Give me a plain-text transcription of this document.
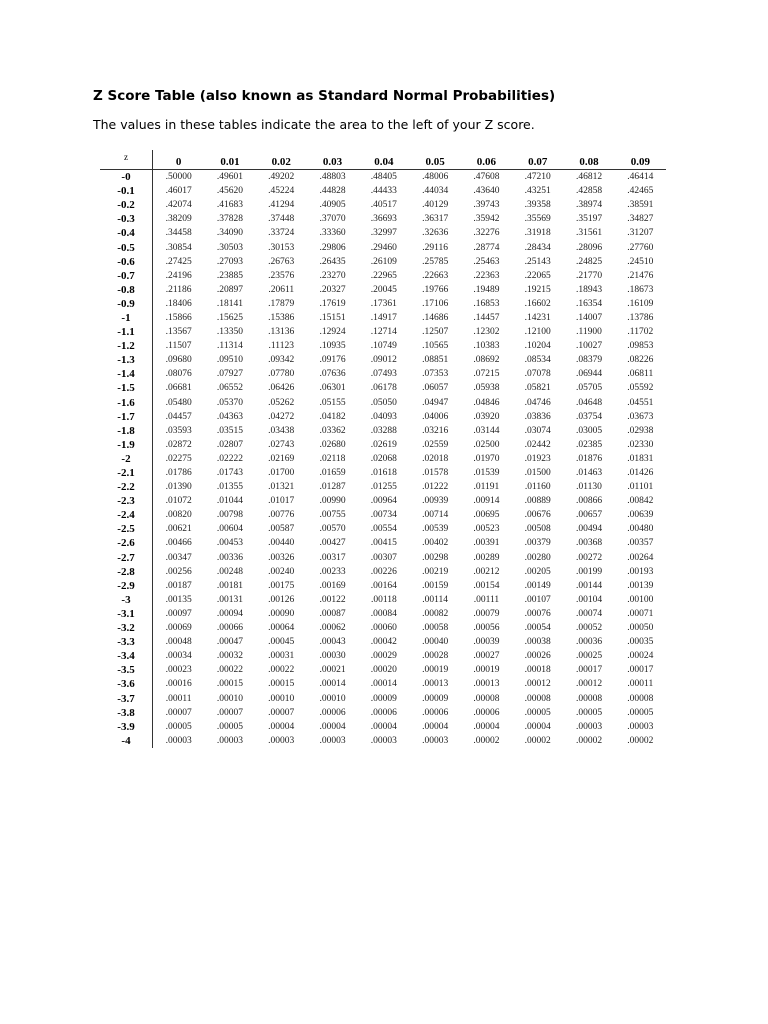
Z Score Table (also known as Standard Normal Probabilities)
The values in these tables indicate the area to the left of your Z score.
z	0	0.01	0.02	0.03	0.04	0.05	0.06	0.07	0.08	0.09
-0	.50000	.49601	.49202	.48803	.48405	.48006	.47608	.47210	.46812	.46414
-0.1	.46017	.45620	.45224	.44828	.44433	.44034	.43640	.43251	.42858	.42465
-0.2	.42074	.41683	.41294	.40905	.40517	.40129	.39743	.39358	.38974	.38591
-0.3	.38209	.37828	.37448	.37070	.36693	.36317	.35942	.35569	.35197	.34827
-0.4	.34458	.34090	.33724	.33360	.32997	.32636	.32276	.31918	.31561	.31207
-0.5	.30854	.30503	.30153	.29806	.29460	.29116	.28774	.28434	.28096	.27760
-0.6	.27425	.27093	.26763	.26435	.26109	.25785	.25463	.25143	.24825	.24510
-0.7	.24196	.23885	.23576	.23270	.22965	.22663	.22363	.22065	.21770	.21476
-0.8	.21186	.20897	.20611	.20327	.20045	.19766	.19489	.19215	.18943	.18673
-0.9	.18406	.18141	.17879	.17619	.17361	.17106	.16853	.16602	.16354	.16109
-1	.15866	.15625	.15386	.15151	.14917	.14686	.14457	.14231	.14007	.13786
-1.1	.13567	.13350	.13136	.12924	.12714	.12507	.12302	.12100	.11900	.11702
-1.2	.11507	.11314	.11123	.10935	.10749	.10565	.10383	.10204	.10027	.09853
-1.3	.09680	.09510	.09342	.09176	.09012	.08851	.08692	.08534	.08379	.08226
-1.4	.08076	.07927	.07780	.07636	.07493	.07353	.07215	.07078	.06944	.06811
-1.5	.06681	.06552	.06426	.06301	.06178	.06057	.05938	.05821	.05705	.05592
-1.6	.05480	.05370	.05262	.05155	.05050	.04947	.04846	.04746	.04648	.04551
-1.7	.04457	.04363	.04272	.04182	.04093	.04006	.03920	.03836	.03754	.03673
-1.8	.03593	.03515	.03438	.03362	.03288	.03216	.03144	.03074	.03005	.02938
-1.9	.02872	.02807	.02743	.02680	.02619	.02559	.02500	.02442	.02385	.02330
-2	.02275	.02222	.02169	.02118	.02068	.02018	.01970	.01923	.01876	.01831
-2.1	.01786	.01743	.01700	.01659	.01618	.01578	.01539	.01500	.01463	.01426
-2.2	.01390	.01355	.01321	.01287	.01255	.01222	.01191	.01160	.01130	.01101
-2.3	.01072	.01044	.01017	.00990	.00964	.00939	.00914	.00889	.00866	.00842
-2.4	.00820	.00798	.00776	.00755	.00734	.00714	.00695	.00676	.00657	.00639
-2.5	.00621	.00604	.00587	.00570	.00554	.00539	.00523	.00508	.00494	.00480
-2.6	.00466	.00453	.00440	.00427	.00415	.00402	.00391	.00379	.00368	.00357
-2.7	.00347	.00336	.00326	.00317	.00307	.00298	.00289	.00280	.00272	.00264
-2.8	.00256	.00248	.00240	.00233	.00226	.00219	.00212	.00205	.00199	.00193
-2.9	.00187	.00181	.00175	.00169	.00164	.00159	.00154	.00149	.00144	.00139
-3	.00135	.00131	.00126	.00122	.00118	.00114	.00111	.00107	.00104	.00100
-3.1	.00097	.00094	.00090	.00087	.00084	.00082	.00079	.00076	.00074	.00071
-3.2	.00069	.00066	.00064	.00062	.00060	.00058	.00056	.00054	.00052	.00050
-3.3	.00048	.00047	.00045	.00043	.00042	.00040	.00039	.00038	.00036	.00035
-3.4	.00034	.00032	.00031	.00030	.00029	.00028	.00027	.00026	.00025	.00024
-3.5	.00023	.00022	.00022	.00021	.00020	.00019	.00019	.00018	.00017	.00017
-3.6	.00016	.00015	.00015	.00014	.00014	.00013	.00013	.00012	.00012	.00011
-3.7	.00011	.00010	.00010	.00010	.00009	.00009	.00008	.00008	.00008	.00008
-3.8	.00007	.00007	.00007	.00006	.00006	.00006	.00006	.00005	.00005	.00005
-3.9	.00005	.00005	.00004	.00004	.00004	.00004	.00004	.00004	.00003	.00003
-4	.00003	.00003	.00003	.00003	.00003	.00003	.00002	.00002	.00002	.00002
